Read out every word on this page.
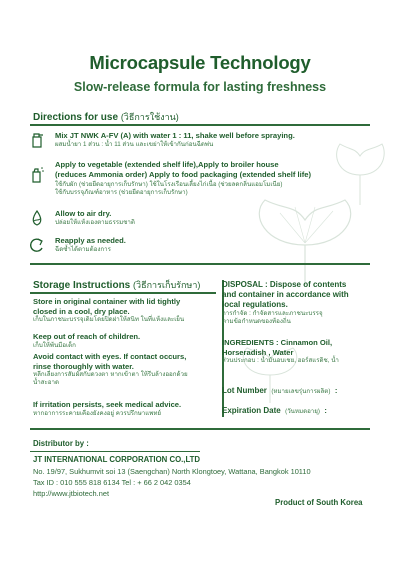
Microcapsule Technology
Slow-release formula for lasting freshness
Directions for use (วิธีการใช้งาน)
Mix JT NWK A-FV (A) with water 1 : 11, shake well before spraying.
ผสมน้ำยา 1 ส่วน : น้ำ 11 ส่วน และเขย่าให้เข้ากันก่อนฉีดพ่น
Apply to vegetable (extended shelf life),Apply to broiler house
(reduces Ammonia order) Apply to food packaging (extended shelf life)
ใช้กับผัก (ช่วยยืดอายุการเก็บรักษา) ใช้ในโรงเรือนเลี้ยงไก่เนื้อ (ช่วยลดกลิ่นแอมโมเนีย)
ใช้กับบรรจุภัณฑ์อาหาร (ช่วยยืดอายุการเก็บรักษา)
Allow to air dry.
ปล่อยให้แห้งเองตามธรรมชาติ
Reapply as needed.
ฉีดซ้ำได้ตามต้องการ
Storage Instructions (วิธีการเก็บรักษา)
Store in original container with lid tightly
closed in a cool, dry place.
เก็บในภาชนะบรรจุเดิมโดยปิดฝาให้สนิท ในที่แห้งและเย็น
Keep out of reach of children.
เก็บให้พ้นมือเด็ก
Avoid contact with eyes. If contact occurs,
rinse thoroughly with water.
หลีกเลี่ยงการสัมผัสกับดวงตา หากเข้าตา ให้รีบล้างออกด้วย
น้ำสะอาด
If irritation persists, seek medical advice.
หากอาการระคายเคืองยังคงอยู่ ควรปรึกษาแพทย์
DISPOSAL : Dispose of contents
and container in accordance with
local regulations.
การกำจัด : กำจัดสารและภาชนะบรรจุ
ตามข้อกำหนดของท้องถิ่น
INGREDIENTS : Cinnamon Oil,
Horseradish , Water
ส่วนประกอบ : น้ำมันอบเชย, ฮอร์สแรดิช, น้ำ
Lot Number (หมายเลขรุ่นการผลิต) :
Expiration Date (วันหมดอายุ) :
Distributor by :
JT INTERNATIONAL CORPORATION CO.,LTD
No. 19/97, Sukhumvit soi 13 (Saengchan) North Klongtoey, Wattana, Bangkok 10110
Tax ID : 010 555 818 6134 Tel : + 66 2 042 0354
http://www.jtbiotech.net
Product of South Korea
